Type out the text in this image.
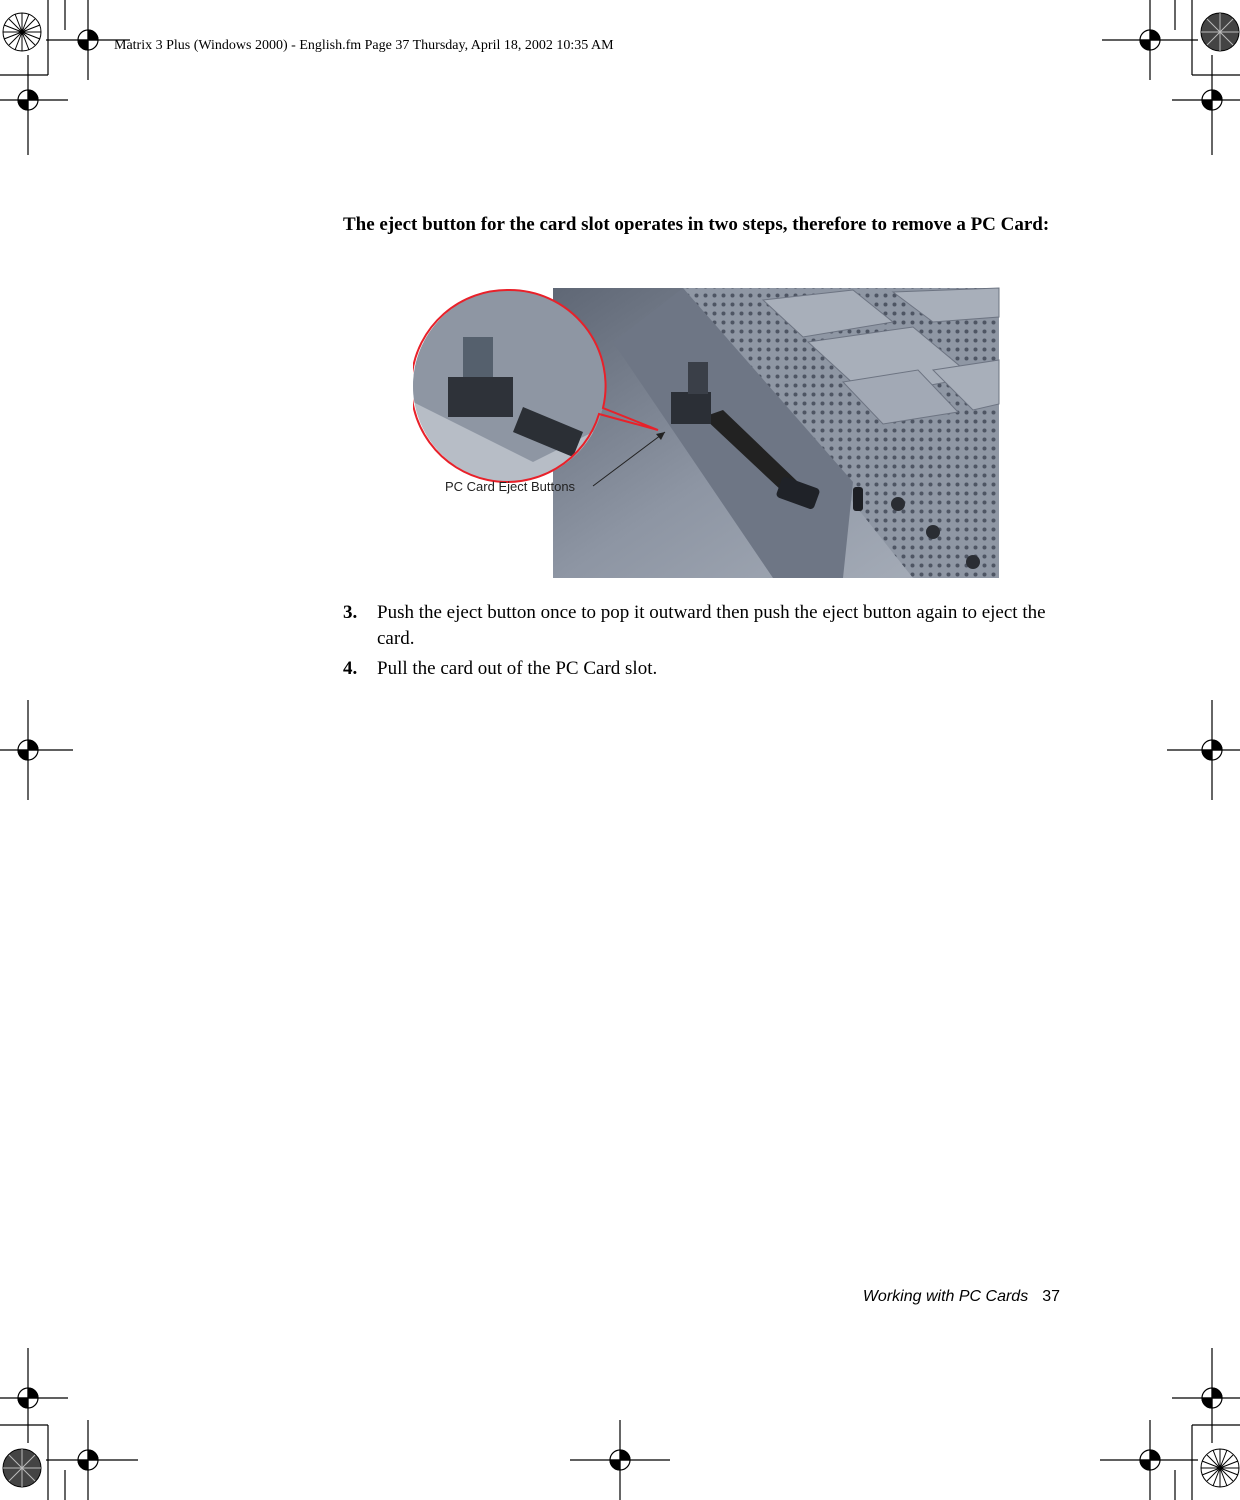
Matrix 3 Plus (Windows 2000) - English.fm Page 37 Thursday, April 18, 2002 10:35 AM
The eject button for the card slot operates in two steps, therefore to remove a PC Card:
PC Card Eject Buttons
3. Push the eject button once to pop it outward then push the eject button again to eject the card.
4. Pull the card out of the PC Card slot.
Working with PC Cards 37
